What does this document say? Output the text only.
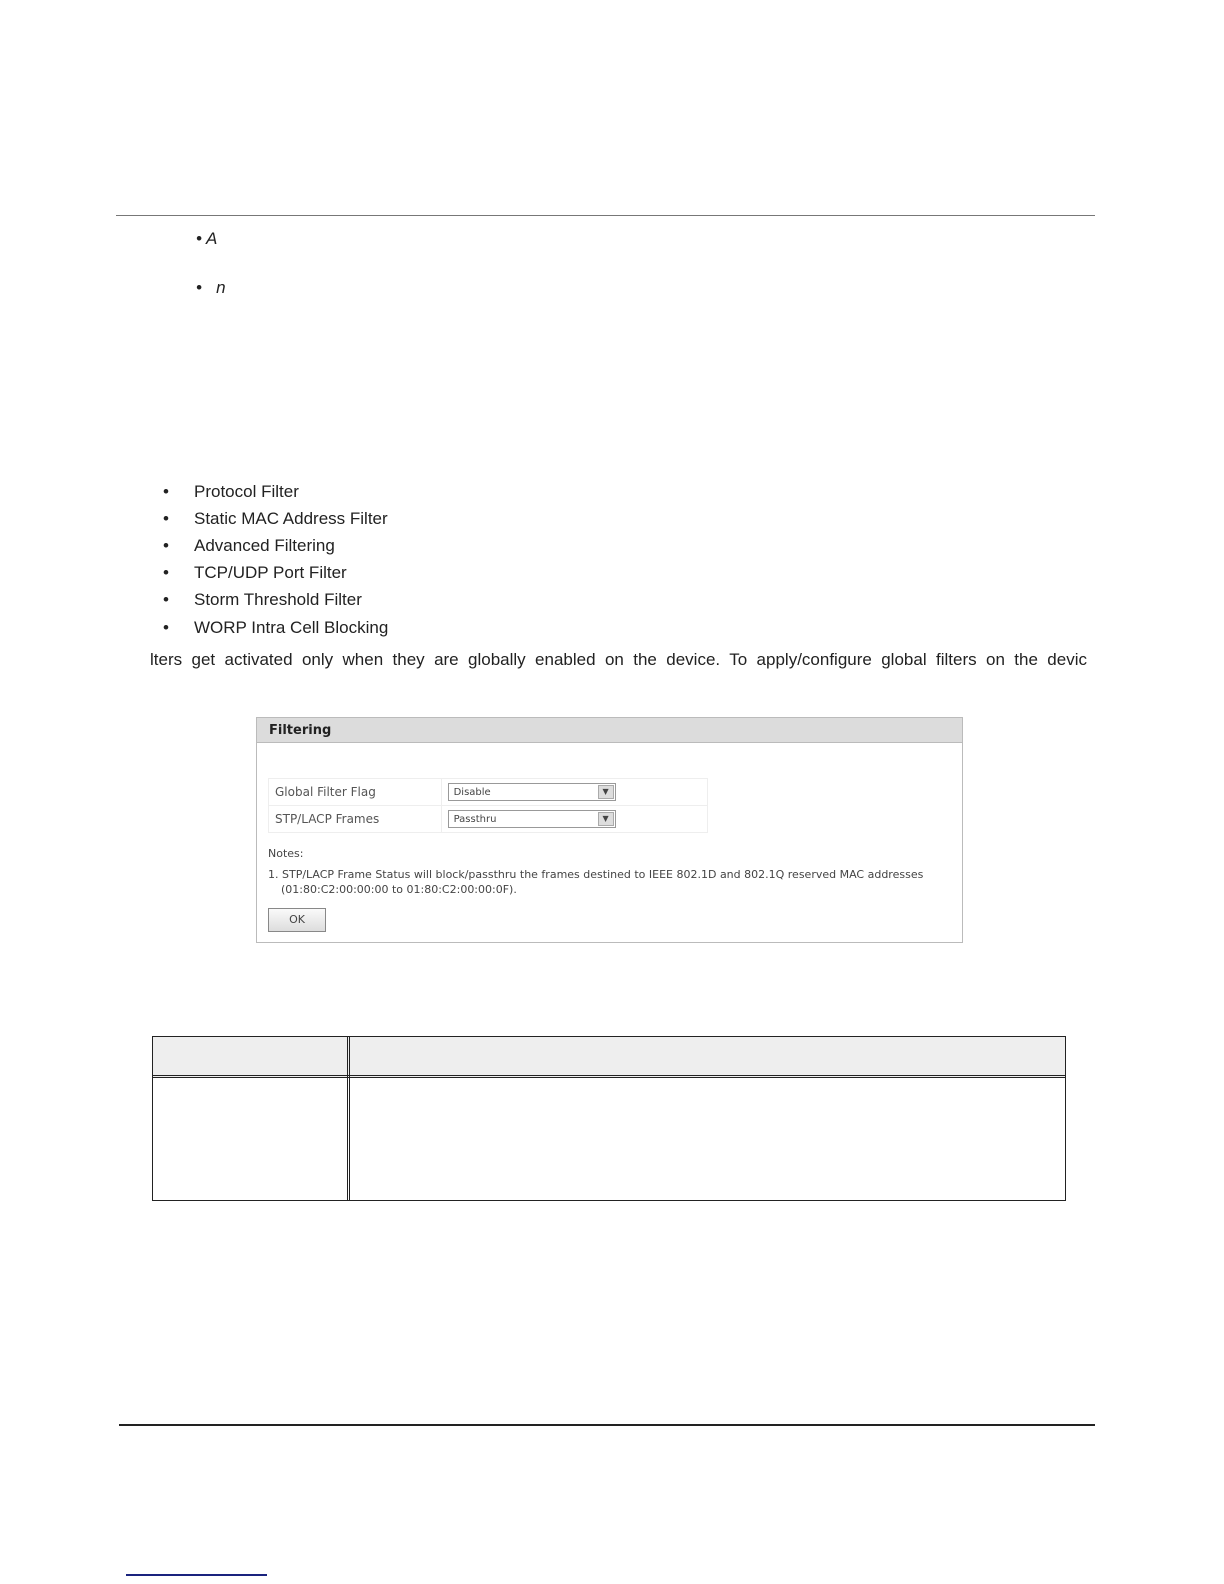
• A
•   n
• Protocol Filter
• Static MAC Address Filter
• Advanced Filtering
• TCP/UDP Port Filter
• Storm Threshold Filter
• WORP Intra Cell Blocking
lters get activated only when they are globally enabled on the device. To apply/configure global filters on the devic
Filtering
Global Filter Flag	Disable ▼

STP/LACP Frames	Passthru ▼
Notes:
1. STP/LACP Frame Status will block/passthru the frames destined to IEEE 802.1D and 802.1Q reserved MAC addresses
(01:80:C2:00:00:00 to 01:80:C2:00:00:0F).
OK
